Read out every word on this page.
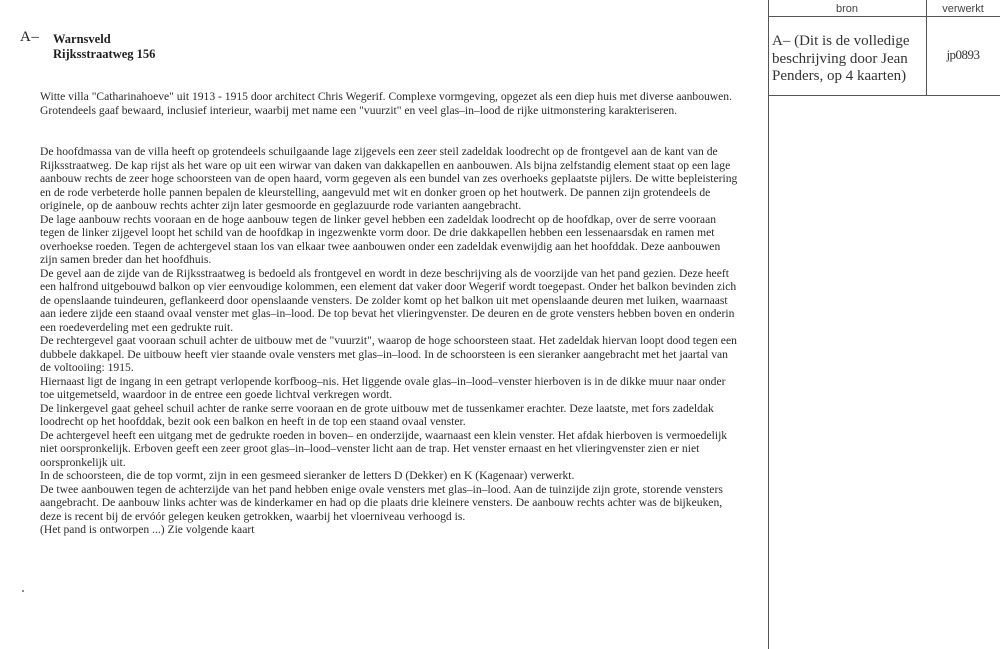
bron	verwerkt
A– Warnsveld
Rijksstraatweg 156

Witte villa "Catharinahoeve" uit 1913 - 1915 door architect Chris Wegerif. Complexe vormgeving, opgezet als een diep huis met diverse aanbouwen.

Grotendeels gaaf bewaard, inclusief interieur, waarbij met name een "vuurzit" en veel glas–in–lood de rijke uitmonstering karakteriseren.

De hoofdmassa van de villa heeft op grotendeels schuilgaande lage zijgevels een zeer steil zadeldak loodrecht op de frontgevel aan de kant van de

Rijksstraatweg. De kap rijst als het ware op uit een wirwar van daken van dakkapellen en aanbouwen. Als bijna zelfstandig element staat op een lage

aanbouw rechts de zeer hoge schoorsteen van de open haard, vorm gegeven als een bundel van zes overhoeks geplaatste pijlers. De witte bepleistering

en de rode verbeterde holle pannen bepalen de kleurstelling, aangevuld met wit en donker groen op het houtwerk. De pannen zijn grotendeels de

originele, op de aanbouw rechts achter zijn later gesmoorde en geglazuurde rode varianten aangebracht.

De lage aanbouw rechts vooraan en de hoge aanbouw tegen de linker gevel hebben een zadeldak loodrecht op de hoofdkap, over de serre vooraan

tegen de linker zijgevel loopt het schild van de hoofdkap in ingezwenkte vorm door. De drie dakkapellen hebben een lessenaarsdak en ramen met

overhoekse roeden. Tegen de achtergevel staan los van elkaar twee aanbouwen onder een zadeldak evenwijdig aan het hoofddak. Deze aanbouwen

zijn samen breder dan het hoofdhuis.

De gevel aan de zijde van de Rijksstraatweg is bedoeld als frontgevel en wordt in deze beschrijving als de voorzijde van het pand gezien. Deze heeft

een halfrond uitgebouwd balkon op vier eenvoudige kolommen, een element dat vaker door Wegerif wordt toegepast. Onder het balkon bevinden zich

de openslaande tuindeuren, geflankeerd door openslaande vensters. De zolder komt op het balkon uit met openslaande deuren met luiken, waarnaast

aan iedere zijde een staand ovaal venster met glas–in–lood. De top bevat het vlieringvenster. De deuren en de grote vensters hebben boven en onderin

een roedeverdeling met een gedrukte ruit.

De rechtergevel gaat vooraan schuil achter de uitbouw met de "vuurzit", waarop de hoge schoorsteen staat. Het zadeldak hiervan loopt dood tegen een

dubbele dakkapel. De uitbouw heeft vier staande ovale vensters met glas–in–lood. In de schoorsteen is een sieranker aangebracht met het jaartal van

de voltooiing: 1915.

Hiernaast ligt de ingang in een getrapt verlopende korfboog–nis. Het liggende ovale glas–in–lood–venster hierboven is in de dikke muur naar onder

toe uitgemetseld, waardoor in de entree een goede lichtval verkregen wordt.

De linkergevel gaat geheel schuil achter de ranke serre vooraan en de grote uitbouw met de tussenkamer erachter. Deze laatste, met fors zadeldak

loodrecht op het hoofddak, bezit ook een balkon en heeft in de top een staand ovaal venster.

De achtergevel heeft een uitgang met de gedrukte roeden in boven– en onderzijde, waarnaast een klein venster. Het afdak hierboven is vermoedelijk

niet oorspronkelijk. Erboven geeft een zeer groot glas–in–lood–venster licht aan de trap. Het venster ernaast en het vlieringvenster zien er niet

oorspronkelijk uit.

In de schoorsteen, die de top vormt, zijn in een gesmeed sieranker de letters D (Dekker) en K (Kagenaar) verwerkt.

De twee aanbouwen tegen de achterzijde van het pand hebben enige ovale vensters met glas–in–lood. Aan de tuinzijde zijn grote, storende vensters

aangebracht. De aanbouw links achter was de kinderkamer en had op die plaats drie kleinere vensters. De aanbouw rechts achter was de bijkeuken,

deze is recent bij de ervóór gelegen keuken getrokken, waarbij het vloerniveau verhoogd is.

(Het pand is ontworpen ...) Zie volgende kaart

A– (Dit is de volledige beschrijving door Jean Penders, op 4 kaarten)
jp0893
